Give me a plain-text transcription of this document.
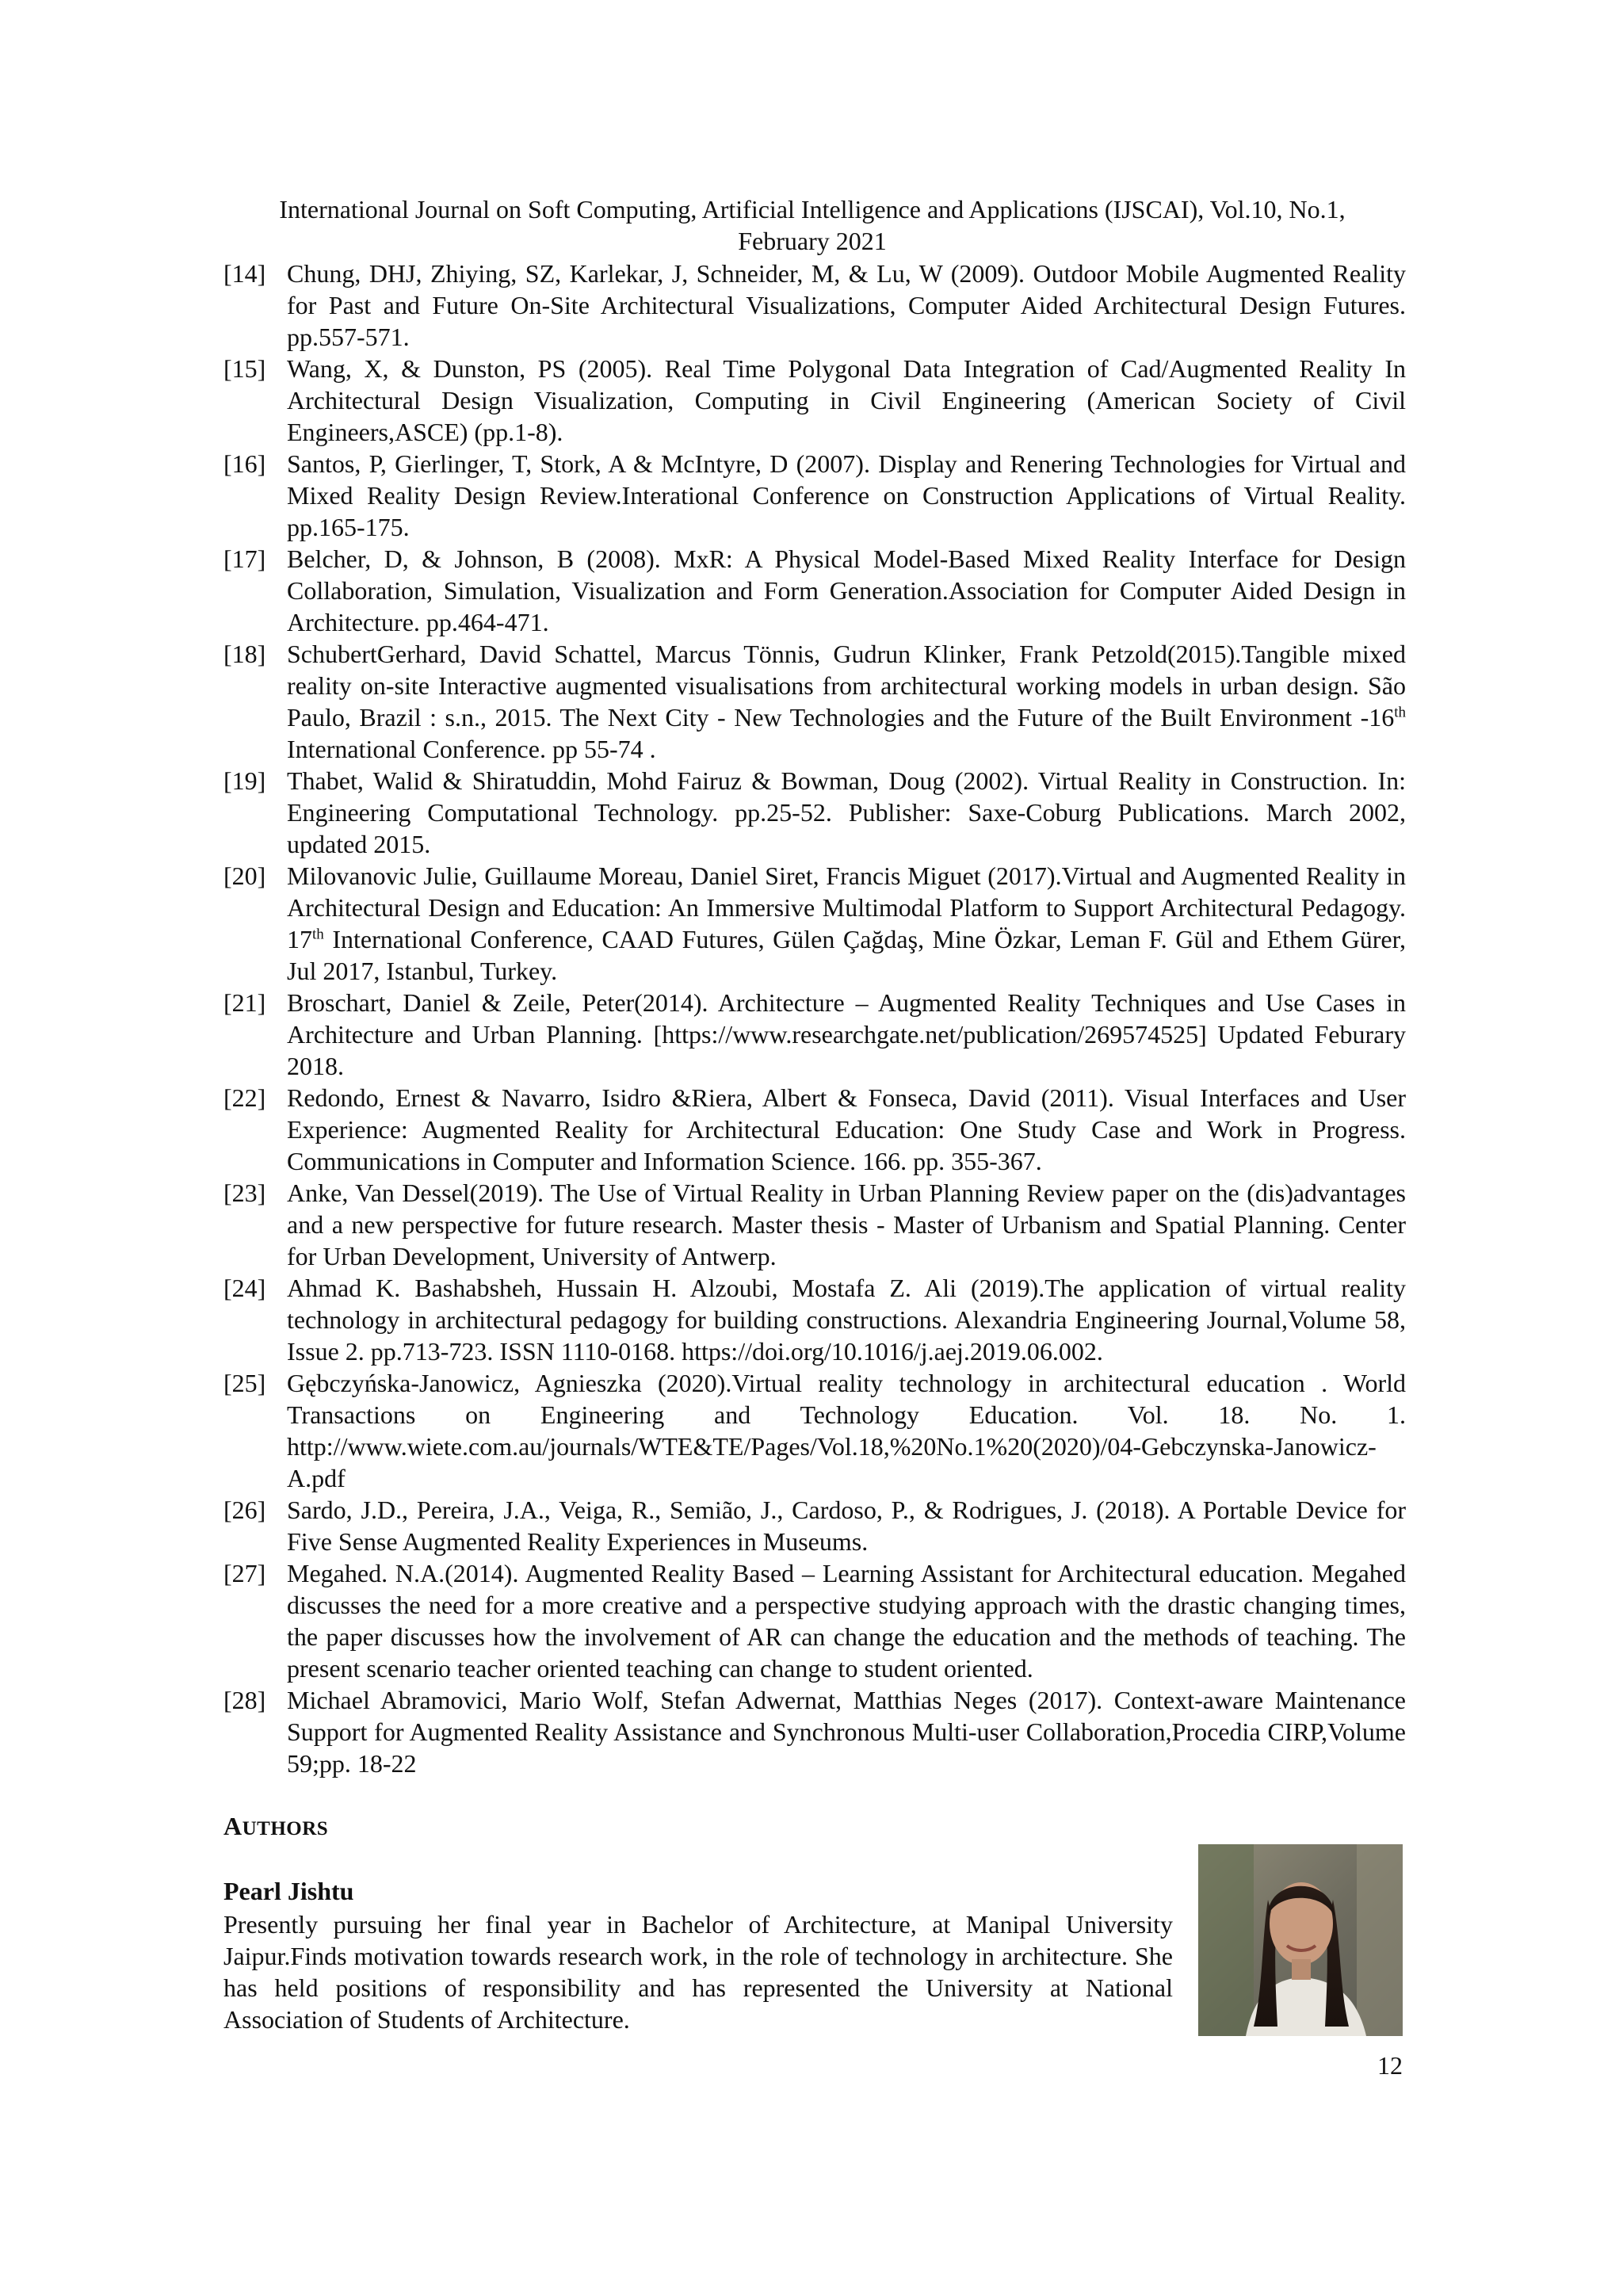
International Journal on Soft Computing, Artificial Intelligence and Applications (IJSCAI), Vol.10, No.1,
February 2021
[14] Chung, DHJ, Zhiying, SZ, Karlekar, J, Schneider, M, & Lu, W (2009). Outdoor Mobile Augmented Reality for Past and Future On-Site Architectural Visualizations, Computer Aided Architectural Design Futures. pp.557-571.
[15] Wang, X, & Dunston, PS (2005). Real Time Polygonal Data Integration of Cad/Augmented Reality In Architectural Design Visualization, Computing in Civil Engineering (American Society of Civil Engineers,ASCE) (pp.1-8).
[16] Santos, P, Gierlinger, T, Stork, A & McIntyre, D (2007). Display and Renering Technologies for Virtual and Mixed Reality Design Review.Interational Conference on Construction Applications of Virtual Reality. pp.165-175.
[17] Belcher, D, & Johnson, B (2008). MxR: A Physical Model-Based Mixed Reality Interface for Design Collaboration, Simulation, Visualization and Form Generation.Association for Computer Aided Design in Architecture. pp.464-471.
[18] SchubertGerhard, David Schattel, Marcus Tönnis, Gudrun Klinker, Frank Petzold(2015).Tangible mixed reality on-site Interactive augmented visualisations from architectural working models in urban design. São Paulo, Brazil : s.n., 2015. The Next City - New Technologies and the Future of the Built Environment -16th International Conference. pp 55-74 .
[19] Thabet, Walid & Shiratuddin, Mohd Fairuz & Bowman, Doug (2002). Virtual Reality in Construction. In: Engineering Computational Technology. pp.25-52. Publisher: Saxe-Coburg Publications. March 2002, updated 2015.
[20] Milovanovic Julie, Guillaume Moreau, Daniel Siret, Francis Miguet (2017).Virtual and Augmented Reality in Architectural Design and Education: An Immersive Multimodal Platform to Support Architectural Pedagogy. 17th International Conference, CAAD Futures, Gülen Çağdaş, Mine Özkar, Leman F. Gül and Ethem Gürer, Jul 2017, Istanbul, Turkey.
[21] Broschart, Daniel & Zeile, Peter(2014). Architecture – Augmented Reality Techniques and Use Cases in Architecture and Urban Planning. [https://www.researchgate.net/publication/269574525] Updated Feburary 2018.
[22] Redondo, Ernest & Navarro, Isidro &Riera, Albert & Fonseca, David (2011). Visual Interfaces and User Experience: Augmented Reality for Architectural Education: One Study Case and Work in Progress. Communications in Computer and Information Science. 166. pp. 355-367.
[23] Anke, Van Dessel(2019). The Use of Virtual Reality in Urban Planning Review paper on the (dis)advantages and a new perspective for future research. Master thesis - Master of Urbanism and Spatial Planning. Center for Urban Development, University of Antwerp.
[24] Ahmad K. Bashabsheh, Hussain H. Alzoubi, Mostafa Z. Ali (2019).The application of virtual reality technology in architectural pedagogy for building constructions. Alexandria Engineering Journal,Volume 58, Issue 2. pp.713-723. ISSN 1110-0168. https://doi.org/10.1016/j.aej.2019.06.002.
[25] Gębczyńska-Janowicz, Agnieszka (2020).Virtual reality technology in architectural education . World Transactions on Engineering and Technology Education. Vol. 18. No. 1. http://www.wiete.com.au/journals/WTE&TE/Pages/Vol.18,%20No.1%20(2020)/04-Gebczynska-Janowicz-A.pdf
[26] Sardo, J.D., Pereira, J.A., Veiga, R., Semião, J., Cardoso, P., & Rodrigues, J. (2018). A Portable Device for Five Sense Augmented Reality Experiences in Museums.
[27] Megahed. N.A.(2014). Augmented Reality Based – Learning Assistant for Architectural education. Megahed discusses the need for a more creative and a perspective studying approach with the drastic changing times, the paper discusses how the involvement of AR can change the education and the methods of teaching. The present scenario teacher oriented teaching can change to student oriented.
[28] Michael Abramovici, Mario Wolf, Stefan Adwernat, Matthias Neges (2017). Context-aware Maintenance Support for Augmented Reality Assistance and Synchronous Multi-user Collaboration,Procedia CIRP,Volume 59;pp. 18-22
AUTHORS
Pearl Jishtu
Presently pursuing her final year in Bachelor of Architecture, at Manipal University Jaipur.Finds motivation towards research work, in the role of technology in architecture. She has held positions of responsibility and has represented the University at National Association of Students of Architecture.
12
